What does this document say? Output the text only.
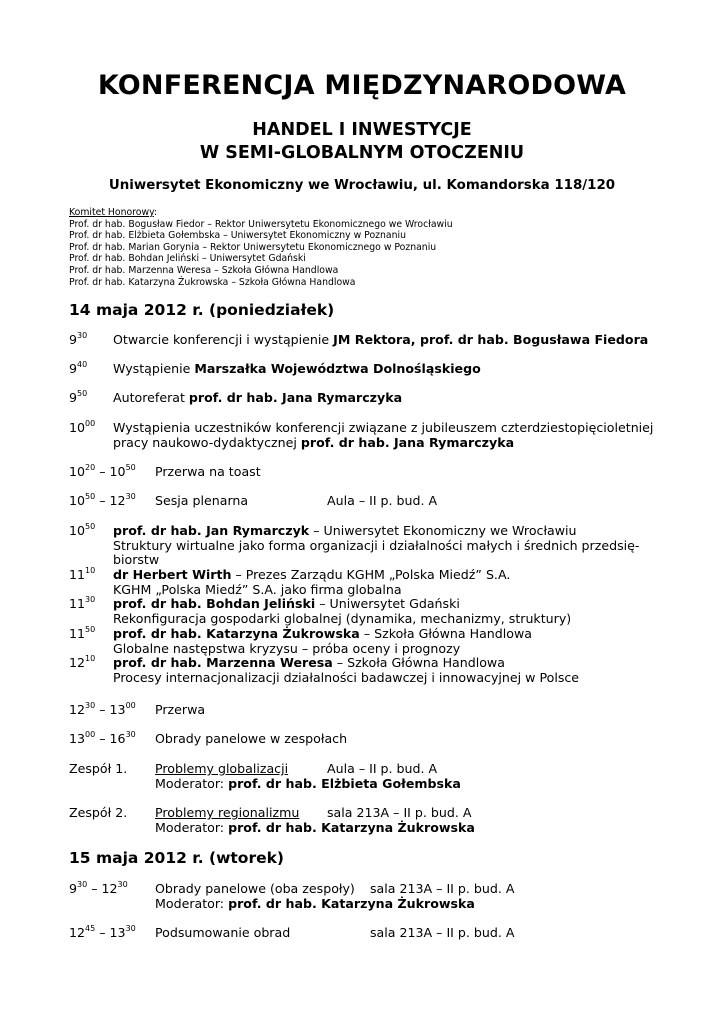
KONFERENCJA MIĘDZYNARODOWA
HANDEL I INWESTYCJE
W SEMI-GLOBALNYM OTOCZENIU
Uniwersytet Ekonomiczny we Wrocławiu, ul. Komandorska 118/120
Komitet Honorowy:
Prof. dr hab. Bogusław Fiedor – Rektor Uniwersytetu Ekonomicznego we Wrocławiu
Prof. dr hab. Elżbieta Gołembska – Uniwersytet Ekonomiczny w Poznaniu
Prof. dr hab. Marian Gorynia – Rektor Uniwersytetu Ekonomicznego w Poznaniu
Prof. dr hab. Bohdan Jeliński – Uniwersytet Gdański
Prof. dr hab. Marzenna Weresa – Szkoła Główna Handlowa
Prof. dr hab. Katarzyna Żukrowska – Szkoła Główna Handlowa
14 maja 2012 r. (poniedziałek)
$9^{30}$ Otwarcie konferencji i wystąpienie JM Rektora, prof. dr hab. Bogusława Fiedora
$9^{40}$ Wystąpienie Marszałka Województwa Dolnośląskiego
$9^{50}$ Autoreferat prof. dr hab. Jana Rymarczyka
$10^{00}$ Wystąpienia uczestników konferencji związane z jubileuszem czterdziestopięcioletniej
pracy naukowo-dydaktycznej prof. dr hab. Jana Rymarczyka
$10^{20} - 10^{50}$ Przerwa na toast
$10^{50} - 12^{30}$ Sesja plenarna	Aula – II p. bud. A
$10^{50}$ prof. dr hab. Jan Rymarczyk – Uniwersytet Ekonomiczny we Wrocławiu
Struktury wirtualne jako forma organizacji i działalności małych i średnich przedsię-
biorstw
$11^{10}$ dr Herbert Wirth – Prezes Zarządu KGHM „Polska Miedź” S.A.
KGHM „Polska Miedź” S.A. jako firma globalna
$11^{30}$ prof. dr hab. Bohdan Jeliński – Uniwersytet Gdański
Rekonfiguracja gospodarki globalnej (dynamika, mechanizmy, struktury)
$11^{50}$ prof. dr hab. Katarzyna Żukrowska – Szkoła Główna Handlowa
Globalne następstwa kryzysu – próba oceny i prognozy
$12^{10}$ prof. dr hab. Marzenna Weresa – Szkoła Główna Handlowa
Procesy internacjonalizacji działalności badawczej i innowacyjnej w Polsce
$12^{30} - 13^{00}$ Przerwa
$13^{00} - 16^{30}$ Obrady panelowe w zespołach
Zespół 1. Problemy globalizacji
Moderator: prof. dr hab. Elżbieta Gołembska
Aula – II p. bud. A
Zespół 2. Problemy regionalizmu
Moderator: prof. dr hab. Katarzyna Żukrowska
sala 213A – II p. bud. A
15 maja 2012 r. (wtorek)
$9^{30} - 12^{30}$ Obrady panelowe (oba zespoły)
Moderator: prof. dr hab. Katarzyna Żukrowska
sala 213A – II p. bud. A
$12^{45} - 13^{30}$ Podsumowanie obrad	sala 213A – II p. bud. A
